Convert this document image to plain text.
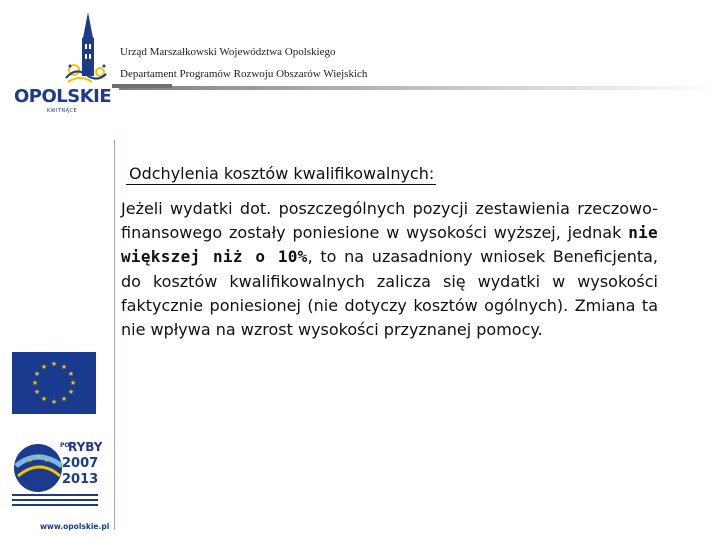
OPOLSKIE
KWITNĄCE
Urząd Marszałkowski Województwa Opolskiego
Departament Programów Rozwoju Obszarów Wiejskich
Odchylenia kosztów kwalifikowalnych:

Jeżeli wydatki dot. poszczególnych pozycji zestawienia rzeczowo-finansowego zostały poniesione w wysokości wyższej, jednak nie większej niż o 10%, to na uzasadniony wniosek Beneficjenta, do kosztów kwalifikowalnych zalicza się wydatki w wysokości faktycznie poniesionej (nie dotyczy kosztów ogólnych). Zmiana ta nie wpływa na wzrost wysokości przyznanej pomocy.

★ ★
★
★
★
★
★
★
★
★
★
★
★
★
★
PO
RYBY
2007
2013
www.opolskie.pl
